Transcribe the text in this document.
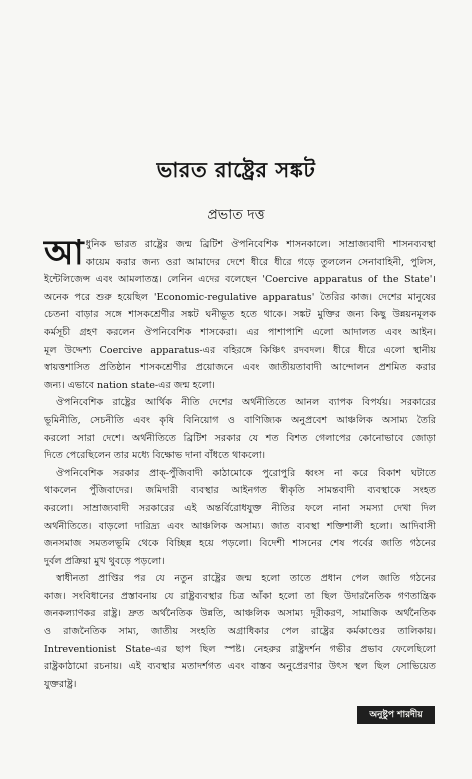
ভারত রাষ্ট্রের সঙ্কট
প্রভাত দত্ত
আ ধুনিক ভারত রাষ্ট্রের জন্ম ব্রিটিশ ঔপনিবেশিক শাসনকালে। সাম্রাজ্যবাদী শাসনব্যবস্থা
কায়েম করার জন্য ওরা আমাদের দেশে ধীরে ধীরে গড়ে তুললেন সেনাবাহিনী, পুলিস,
ইন্টেলিজেন্স এবং আমলাতন্ত্র। লেনিন এদের বলেছেন 'Coercive apparatus of the State'।
অনেক পরে শুরু হয়েছিল 'Economic-regulative apparatus' তৈরির কাজ। দেশের মানুষের
চেতনা বাড়ার সঙ্গে শাসকশ্রেণীর সঙ্কট ঘনীভূত হতে থাকে। সঙ্কট মুক্তির জন্য কিছু উন্নয়নমূলক
কর্মসূচী গ্রহণ করলেন ঔপনিবেশিক শাসকেরা। এর পাশাপাশি এলো আদালত এবং আইন।
মূল উদ্দেশ্য Coercive apparatus-এর বহিরঙ্গে কিঞ্চিৎ রদবদল। ধীরে ধীরে এলো স্থানীয়
স্বায়ত্তশাসিত প্রতিষ্ঠান শাসকশ্রেণীর প্রয়োজনে এবং জাতীয়তাবাদী আন্দোলন প্রশমিত করার
জন্য। এভাবে nation state-এর জন্ম হলো।
ঔপনিবেশিক রাষ্ট্রের আর্থিক নীতি দেশের অর্থনীতিতে আনল ব্যাপক বিপর্যয়। সরকারের
ভূমিনীতি, সেচনীতি এবং কৃষি বিনিয়োগ ও বাণিজ্যিক অনুপ্রবেশ আঞ্চলিক অসাম্য তৈরি
করলো সারা দেশে। অর্থনীতিতে ব্রিটিশ সরকার যে শত বিশত গেলাপের কোনোভাবে জোড়া
দিতে পেরেছিলেন তার মধ্যে বিক্ষোভ দানা বাঁধতে থাকলো।
ঔপনিবেশিক সরকার প্রাক্-পুঁজিবাদী কাঠামোকে পুরোপুরি ধ্বংস না করে বিকাশ ঘটাতে
থাকলেন পুঁজিবাদের। জমিদারী ব্যবস্থার আইনগত স্বীকৃতি সামন্তবাদী ব্যবস্থাকে সংহত
করলো। সাম্রাজ্যবাদী সরকারের এই অন্তর্বিরোধযুক্ত নীতির ফলে নানা সমস্যা দেখা দিল
অর্থনীতিতে। বাড়লো দারিদ্র্য এবং আঞ্চলিক অসাম্য। জাত ব্যবস্থা শক্তিশালী হলো। আদিবাসী
জনসমাজ সমতলভূমি থেকে বিচ্ছিন্ন হয়ে পড়লো। বিদেশী শাসনের শেষ পর্বের জাতি গঠনের
দুর্বল প্রক্রিয়া মুখ থুবড়ে পড়লো।
স্বাধীনতা প্রাপ্তির পর যে নতুন রাষ্ট্রের জন্ম হলো তাতে প্রধান পেল জাতি গঠনের
কাজ। সংবিধানের প্রস্তাবনায় যে রাষ্ট্রব্যবস্থার চিত্র আঁকা হলো তা ছিল উদারনৈতিক গণতান্ত্রিক
জনকল্যাণকর রাষ্ট্র। দ্রুত অর্থনৈতিক উন্নতি, আঞ্চলিক অসাম্য দূরীকরণ, সামাজিক অর্থনৈতিক
ও রাজনৈতিক সাম্য, জাতীয় সংহতি অগ্রাধিকার পেল রাষ্ট্রের কর্মকাণ্ডের তালিকায়।
Intreventionist State-এর ছাপ ছিল স্পষ্ট। নেহরুর রাষ্ট্রদর্শন গভীর প্রভাব ফেলেছিলো
রাষ্ট্রকাঠামো রচনায়। এই ব্যবস্থার মতাদর্শগত এবং বাস্তব অনুপ্রেরণার উৎস স্থল ছিল সোভিয়েত
যুক্তরাষ্ট্র।
অনুষ্টুপ শারদীয়
